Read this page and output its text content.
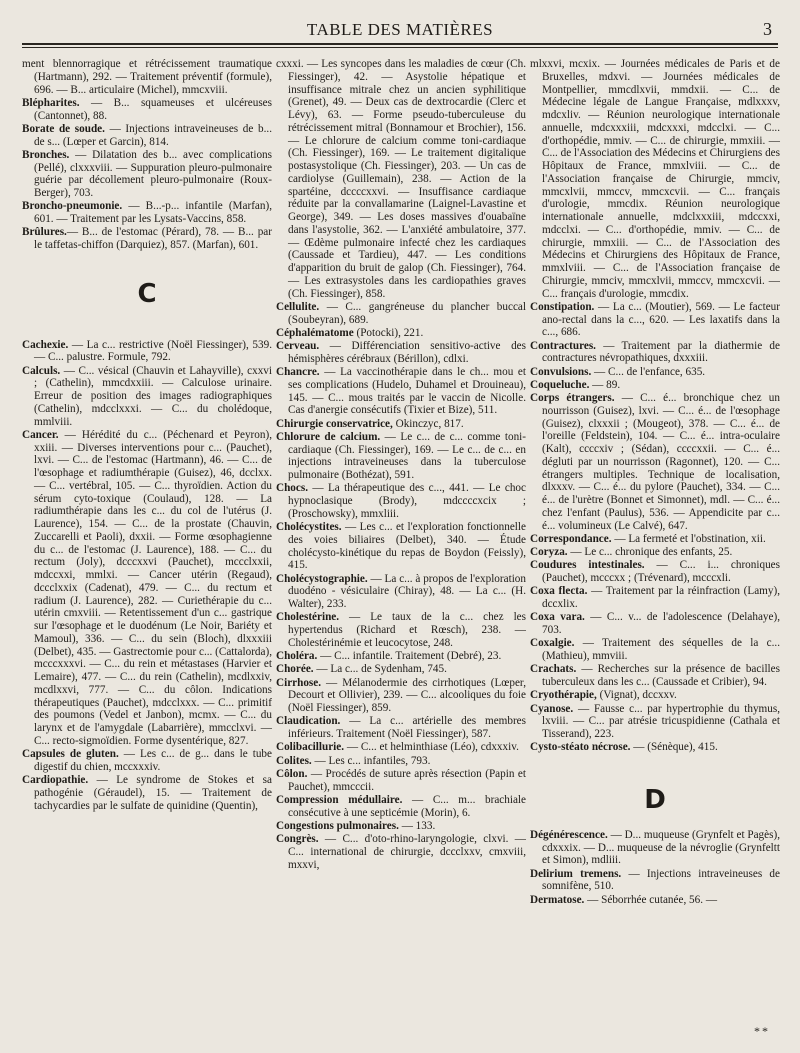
TABLE DES MATIÈRES	3
ment blennorragique et rétrécissement traumatique (Hartmann), 292. — Traitement préventif (formule), 696. — B... articulaire (Michel), mmcxviii.
Blépharites. — B... squameuses et ulcéreuses (Cantonnet), 88.
Borate de soude. — Injections intraveineuses de b... de s... (Lœper et Garcin), 814.
Bronches. — Dilatation des b... avec complications (Pellé), clxxxviii. — Suppuration pleuro-pulmonaire guérie par décollement pleuro-pulmonaire (Roux-Berger), 703.
Broncho-pneumonie. — B...-p... infantile (Marfan), 601. — Traitement par les Lysats-Vaccins, 858.
Brûlures.— B... de l'estomac (Pérard), 78. — B... par le taffetas-chiffon (Darquiez), 857. (Marfan), 601.
C
Cachexie. — La c... restrictive (Noël Fiessinger), 539. — C... palustre. Formule, 792.
Calculs. — C... vésical (Chauvin et Lahayville), cxxvi ; (Cathelin), mmcdxxiii. — Calculose urinaire. Erreur de position des images radiographiques (Cathelin), mdcclxxxi. — C... du cholédoque, mmlviii.
Cancer. — Hérédité du c... (Péchenard et Peyron), xxiii. — Diverses interventions pour c... (Pauchet), lxvi. — C... de l'estomac (Hartmann), 46. — C... de l'œsophage et radiumthérapie (Guisez), 46, dcclxx. — C... vertébral, 105. — C... thyroïdien. Action du sérum cyto-toxique (Coulaud), 128. — La radiumthérapie dans les c... du col de l'utérus (J. Laurence), 154. — C... de la prostate (Chauvin, Zuccarelli et Paoli), dxxii. — Forme œsophagienne du c... de l'estomac (J. Laurence), 188. — C... du rectum (Joly), dcccxxvi (Pauchet), mccclxxii, mdccxxi, mmlxi. — Cancer utérin (Regaud), dccclxxix (Cadenat), 479. — C... du rectum et radium (J. Laurence), 282. — Curiethérapie du c... utérin cmxviii. — Retentissement d'un c... gastrique sur l'œsophage et le duodénum (Le Noir, Bariéty et Mamoul), 336. — C... du sein (Bloch), dlxxxiii (Delbet), 435. — Gastrectomie pour c... (Cattalorda), mcccxxxvi. — C... du rein et métastases (Harvier et Lemaire), 477. — C... du rein (Cathelin), mcdlxxiv, mcdlxxvi, 777. — C... du côlon. Indications thérapeutiques (Pauchet), mdcclxxx. — C... primitif des poumons (Vedel et Janbon), mcmx. — C... du larynx et de l'amygdale (Labarrière), mmcclxvi. — C... recto-sigmoïdien. Forme dysentérique, 827.
Capsules de gluten. — Les c... de g... dans le tube digestif du chien, mccxxxiv.
Cardiopathie. — Le syndrome de Stokes et sa pathogénie (Géraudel), 15. — Traitement de tachycardies par le sulfate de quinidine (Quentin),
cxxxi. — Les syncopes dans les maladies de cœur (Ch. Fiessinger), 42. — Asystolie hépatique et insuffisance mitrale chez un ancien syphilitique (Grenet), 49. — Deux cas de dextrocardie (Clerc et Lévy), 63. — Forme pseudo-tuberculeuse du rétrécissement mitral (Bonnamour et Brochier), 156. — Le chlorure de calcium comme toni-cardiaque (Ch. Fiessinger), 169. — Le traitement digitalique postasystolique (Ch. Fiessinger), 203. — Un cas de cardiolyse (Guillemain), 238. — Action de la spartéine, dccccxxvi. — Insuffisance cardiaque réduite par la convallamarine (Laignel-Lavastine et George), 349. — Les doses massives d'ouabaïne dans l'asystolie, 362. — L'anxiété ambulatoire, 377. — Œdème pulmonaire infecté chez les cardiaques (Caussade et Tardieu), 447. — Les conditions d'apparition du bruit de galop (Ch. Fiessinger), 764. — Les extrasystoles dans les cardiopathies graves (Ch. Fiessinger), 858.
Cellulite. — C... gangréneuse du plancher buccal (Soubeyran), 689.
Céphalématome (Potocki), 221.
Cerveau. — Différenciation sensitivo-active des hémisphères cérébraux (Bérillon), cdlxi.
Chancre. — La vaccinothérapie dans le ch... mou et ses complications (Hudelo, Duhamel et Drouineau), 145. — C... mous traités par le vaccin de Nicolle. Cas d'anergie consécutifs (Tixier et Bize), 511.
Chirurgie conservatrice, Okinczyc, 817.
Chlorure de calcium. — Le c... de c... comme toni-cardiaque (Ch. Fiessinger), 169. — Le c... de c... en injections intraveineuses dans la tuberculose pulmonaire (Bothézat), 591.
Chocs. — La thérapeutique des c..., 441. — Le choc hypnoclasique (Brody), mdccccxcix ; (Proschowsky), mmxliii.
Cholécystites. — Les c... et l'exploration fonctionnelle des voies biliaires (Delbet), 340. — Étude cholécysto-kinétique du repas de Boydon (Feissly), 415.
Cholécystographie. — La c... à propos de l'exploration duodéno - vésiculaire (Chiray), 48. — La c... (H. Walter), 233.
Cholestérine. — Le taux de la c... chez les hypertendus (Richard et Rœsch), 238. — Cholestérinémie et leucocytose, 248.
Choléra. — C... infantile. Traitement (Debré), 23.
Chorée. — La c... de Sydenham, 745.
Cirrhose. — Mélanodermie des cirrhotiques (Lœper, Decourt et Ollivier), 239. — C... alcooliques du foie (Noël Fiessinger), 859.
Claudication. — La c... artérielle des membres inférieurs. Traitement (Noël Fiessinger), 587.
Colibacillurie. — C... et helminthiase (Léo), cdxxxiv.
Colites. — Les c... infantiles, 793.
Côlon. — Procédés de suture après résection (Papin et Pauchet), mmcccii.
Compression médullaire. — C... m... brachiale consécutive à une septicémie (Morin), 6.
Congestions pulmonaires. — 133.
Congrès. — C... d'oto-rhino-laryngologie, clxvi. — C... international de chirurgie, dccclxxv, cmxviii, mxxvi,
mlxxvi, mcxix. — Journées médicales de Paris et de Bruxelles, mdxvi. — Journées médicales de Montpellier, mmcdlxvii, mmdxii. — C... de Médecine légale de Langue Française, mdlxxxv, mdcxliv. — Réunion neurologique internationale annuelle, mdcxxxiii, mdcxxxi, mdcclxi. — C... d'orthopédie, mmiv. — C... de chirurgie, mmxiii. — C... de l'Association des Médecins et Chirurgiens des Hôpitaux de France, mmxlviii. — C... de l'Association française de Chirurgie, mmciv, mmcxlvii, mmccv, mmcxcvii. — C... français d'urologie, mmcdix. Réunion neurologique internationale annuelle, mdclxxxiii, mdccxxi, mdcclxi. — C... d'orthopédie, mmiv. — C... de chirurgie, mmxiii. — C... de l'Association des Médecins et Chirurgiens des Hôpitaux de France, mmxlviii. — C... de l'Association française de Chirurgie, mmciv, mmcxlvii, mmccv, mmcxcvii. — C... français d'urologie, mmcdix.
Constipation. — La c... (Moutier), 569. — Le facteur ano-rectal dans la c..., 620. — Les laxatifs dans la c..., 686.
Contractures. — Traitement par la diathermie de contractures névropathiques, dxxxiii.
Convulsions. — C... de l'enfance, 635.
Coqueluche. — 89.
Corps étrangers. — C... é... bronchique chez un nourrisson (Guisez), lxvi. — C... é... de l'œsophage (Guisez), clxxxii ; (Mougeot), 378. — C... é... de l'oreille (Feldstein), 104. — C... é... intra-oculaire (Kalt), ccccxiv ; (Sédan), ccccxxii. — C... é... dégluti par un nourrisson (Ragonnet), 120. — C... étrangers multiples. Technique de localisation, dlxxxv. — C... é... du pylore (Pauchet), 334. — C... é... de l'urètre (Bonnet et Simonnet), mdl. — C... é... chez l'enfant (Paulus), 536. — Appendicite par c... é... volumineux (Le Calvé), 647.
Correspondance. — La fermeté et l'obstination, xii.
Coryza. — Le c... chronique des enfants, 25.
Coudures intestinales. — C... i... chroniques (Pauchet), mcccxx ; (Trévenard), mcccxli.
Coxa flecta. — Traitement par la réinfraction (Lamy), dccxlix.
Coxa vara. — C... v... de l'adolescence (Delahaye), 703.
Coxalgie. — Traitement des séquelles de la c... (Mathieu), mmviii.
Crachats. — Recherches sur la présence de bacilles tuberculeux dans les c... (Caussade et Cribier), 94.
Cryothérapie, (Vignat), dccxxv.
Cyanose. — Fausse c... par hypertrophie du thymus, lxviii. — C... par atrésie tricuspidienne (Cathala et Tisserand), 223.
Cysto-stéato nécrose. — (Sénèque), 415.
D
Dégénérescence. — D... muqueuse (Grynfelt et Pagès), cdxxxix. — D... muqueuse de la névroglie (Grynfeltt et Simon), mdliii.
Delirium tremens. — Injections intraveineuses de somnifène, 510.
Dermatose. — Séborrhée cutanée, 56. —
**
